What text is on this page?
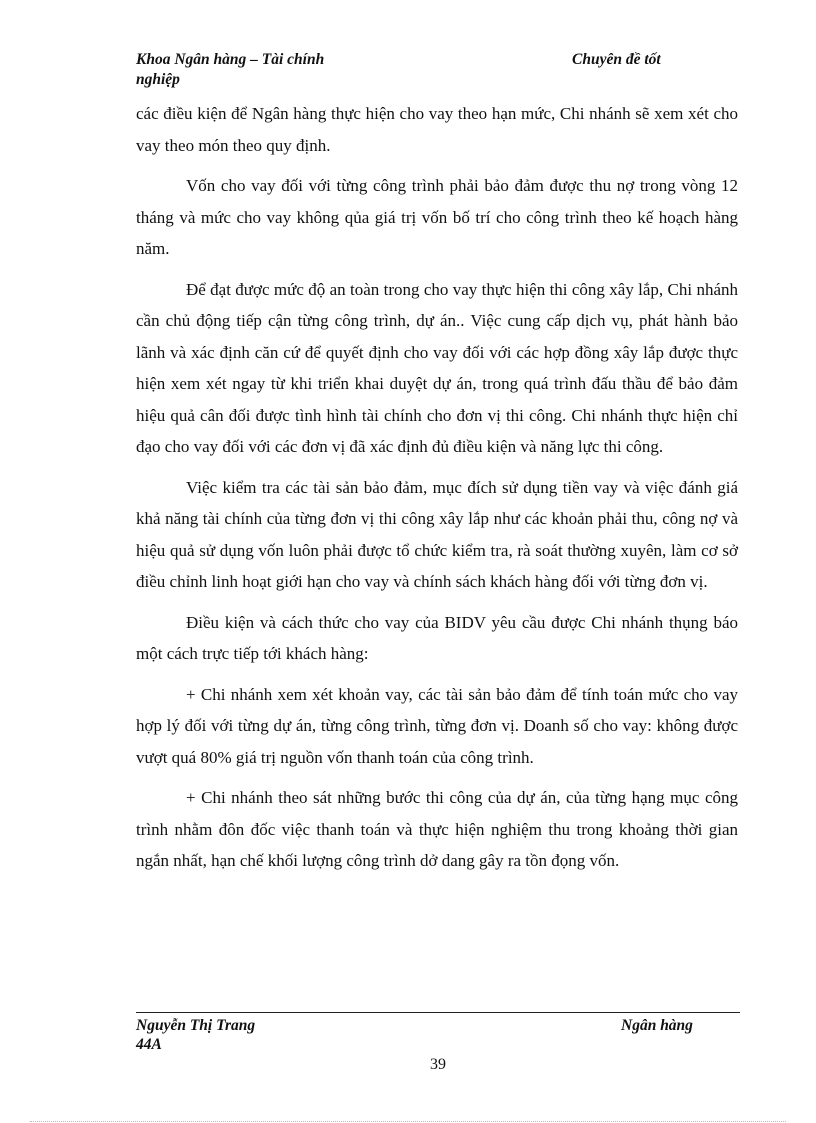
Khoa Ngân hàng – Tài chính
nghiệp
Chuyên đề tốt

các điều kiện để Ngân hàng thực hiện cho vay theo hạn mức, Chi nhánh sẽ xem xét cho vay theo món theo quy định.

Vốn cho vay đối với từng công trình phải bảo đảm được thu nợ trong vòng 12 tháng và mức cho vay không qủa giá trị vốn bố trí cho công trình theo kế hoạch hàng năm.

Để đạt được mức độ an toàn trong cho vay thực hiện thi công xây lắp, Chi nhánh cần chủ động tiếp cận từng công trình, dự án.. Việc cung cấp dịch vụ, phát hành bảo lãnh và xác định căn cứ để quyết định cho vay đối với các hợp đồng xây lắp được thực hiện xem xét ngay từ khi triển khai duyệt dự án, trong quá trình đấu thầu để bảo đảm hiệu quả cân đối được tình hình tài chính cho đơn vị thi công. Chi nhánh thực hiện chỉ đạo cho vay đối với các đơn vị đã xác định đủ điều kiện và năng lực thi công.

Việc kiểm tra các tài sản bảo đảm, mục đích sử dụng tiền vay và việc đánh giá khả năng tài chính của từng đơn vị thi công xây lắp như các khoản phải thu, công nợ và hiệu quả sử dụng vốn luôn phải được tổ chức kiểm tra, rà soát thường xuyên, làm cơ sở điều chỉnh linh hoạt giới hạn cho vay và chính sách khách hàng đối với từng đơn vị.

Điều kiện và cách thức cho vay của BIDV yêu cầu được Chi nhánh thụng báo một cách trực tiếp tới khách hàng:

+ Chi nhánh xem xét khoản vay, các tài sản bảo đảm để tính toán mức cho vay hợp lý đối với từng dự án, từng công trình, từng đơn vị. Doanh số cho vay: không được vượt quá 80% giá trị nguồn vốn thanh toán của công trình.

+ Chi nhánh theo sát những bước thi công của dự án, của từng hạng mục công trình nhằm đôn đốc việc thanh toán và thực hiện nghiệm thu trong khoảng thời gian ngắn nhất, hạn chế khối lượng công trình dở dang gây ra tồn đọng vốn.

Nguyễn Thị Trang
44A
Ngân hàng
39
